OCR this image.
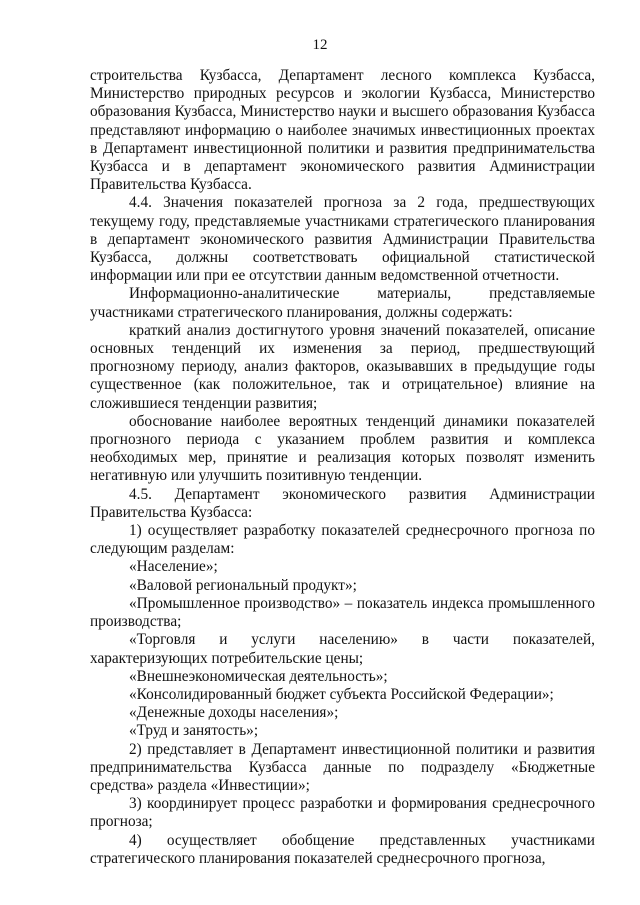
12

строительства Кузбасса, Департамент лесного комплекса Кузбасса, Министерство природных ресурсов и экологии Кузбасса, Министерство образования Кузбасса, Министерство науки и высшего образования Кузбасса представляют информацию о наиболее значимых инвестиционных проектах в Департамент инвестиционной политики и развития предпринимательства Кузбасса и в департамент экономического развития Администрации Правительства Кузбасса.

4.4. Значения показателей прогноза за 2 года, предшествующих текущему году, представляемые участниками стратегического планирования в департамент экономического развития Администрации Правительства Кузбасса, должны соответствовать официальной статистической информации или при ее отсутствии данным ведомственной отчетности.

Информационно-аналитические материалы, представляемые участниками стратегического планирования, должны содержать:

краткий анализ достигнутого уровня значений показателей, описание основных тенденций их изменения за период, предшествующий прогнозному периоду, анализ факторов, оказывавших в предыдущие годы существенное (как положительное, так и отрицательное) влияние на сложившиеся тенденции развития;

обоснование наиболее вероятных тенденций динамики показателей прогнозного периода с указанием проблем развития и комплекса необходимых мер, принятие и реализация которых позволят изменить негативную или улучшить позитивную тенденции.

4.5. Департамент экономического развития Администрации Правительства Кузбасса:

1) осуществляет разработку показателей среднесрочного прогноза по следующим разделам:

«Население»;

«Валовой региональный продукт»;

«Промышленное производство» – показатель индекса промышленного производства;

«Торговля и услуги населению» в части показателей, характеризующих потребительские цены;

«Внешнеэкономическая деятельность»;

«Консолидированный бюджет субъекта Российской Федерации»;

«Денежные доходы населения»;

«Труд и занятость»;

2) представляет в Департамент инвестиционной политики и развития предпринимательства Кузбасса данные по подразделу «Бюджетные средства» раздела «Инвестиции»;

3) координирует процесс разработки и формирования среднесрочного прогноза;

4) осуществляет обобщение представленных участниками стратегического планирования показателей среднесрочного прогноза,
